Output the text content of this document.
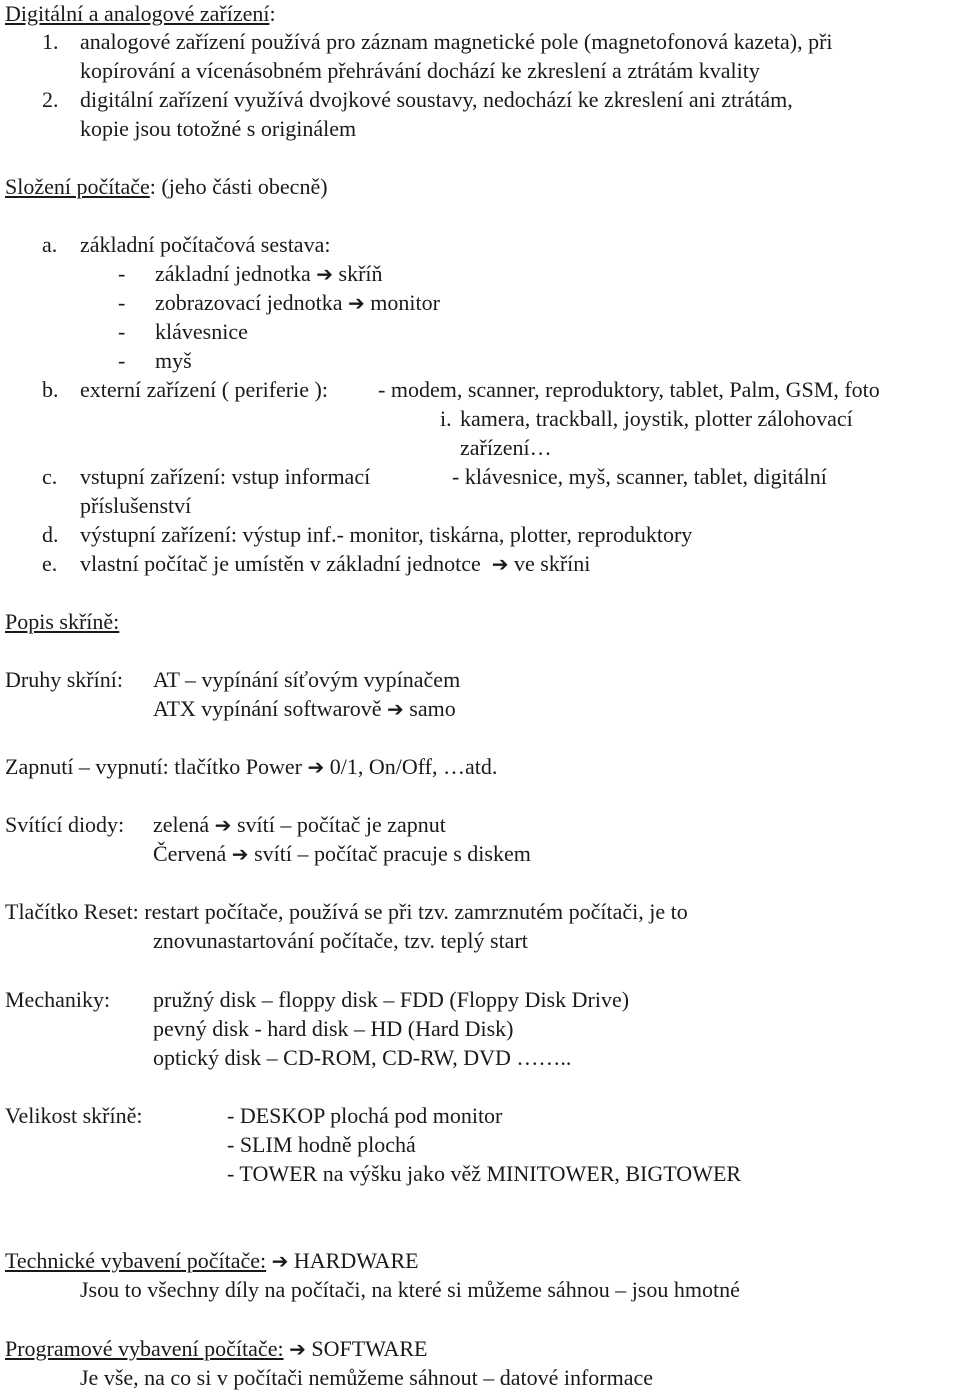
Digitální a analogové zařízení:
1. analogové zařízení používá pro záznam magnetické pole (magnetofonová kazeta), při
kopírování a vícenásobném přehrávání dochází ke zkreslení a ztrátám kvality
2. digitální zařízení využívá dvojkové soustavy, nedochází ke zkreslení ani ztrátám,
kopie jsou totožné s originálem
Složení počítače: (jeho části obecně)
a. základní počítačová sestava:
- základní jednotka ➔ skříň
- zobrazovací jednotka ➔ monitor
- klávesnice
- myš
b. externí zařízení ( periferie ): - modem, scanner, reproduktory, tablet, Palm, GSM, foto
i. kamera, trackball, joystik, plotter zálohovací
zařízení…
c. vstupní zařízení: vstup informací	- klávesnice, myš, scanner, tablet, digitální
příslušenství
d. výstupní zařízení: výstup inf.- monitor, tiskárna, plotter, reproduktory
e. vlastní počítač je umístěn v základní jednotce ➔ ve skříni
Popis skříně:
Druhy skříní: AT – vypínání síťovým vypínačem
ATX vypínání softwarově ➔ samo
Zapnutí – vypnutí: tlačítko Power ➔ 0/1, On/Off, …atd.
Svítící diody: zelená ➔ svítí – počítač je zapnut
Červená ➔ svítí – počítač pracuje s diskem
Tlačítko Reset: restart počítače, používá se při tzv. zamrznutém počítači, je to
znovunastartování počítače, tzv. teplý start
Mechaniky: pružný disk – floppy disk – FDD (Floppy Disk Drive)
pevný disk - hard disk – HD (Hard Disk)
optický disk – CD-ROM, CD-RW, DVD ……..
Velikost skříně:	- DESKOP plochá pod monitor
- SLIM hodně plochá
- TOWER na výšku jako věž MINITOWER, BIGTOWER
Technické vybavení počítače: ➔ HARDWARE
Jsou to všechny díly na počítači, na které si můžeme sáhnou – jsou hmotné
Programové vybavení počítače: ➔ SOFTWARE
Je vše, na co si v počítači nemůžeme sáhnout – datové informace
